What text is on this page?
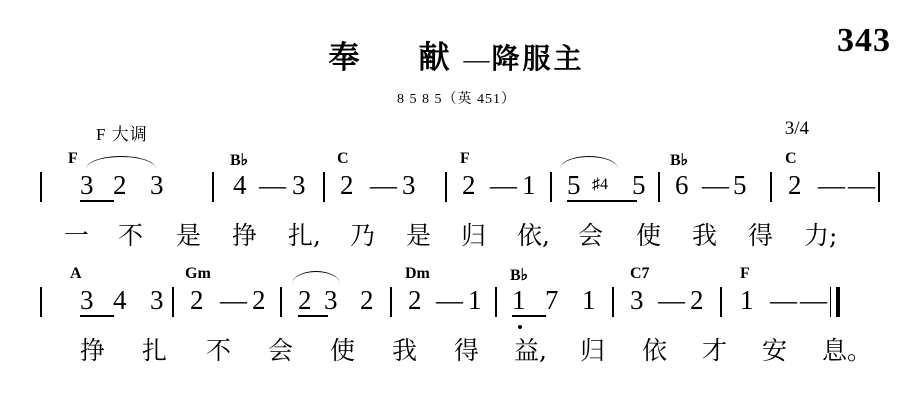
343
奉　献—降服主
8 5 8 5（英 451）
F 大调	3/4
F	B♭	C	F	B♭	C
3 2 3	4 — 3 2 — 3 2 — 1 5 ♯4 5 6 — 5 2 — —
一 不 是 挣 扎, 乃 是 归 依, 会 使 我 得 力;
A	Gm	Dm	B♭	C7	F
3 4 3 2 — 2 2 3 2 2 — 1 1 7 1 3 — 2 1 — —
挣 扎 不 会 使 我 得 益, 归 依 才 安 息。
